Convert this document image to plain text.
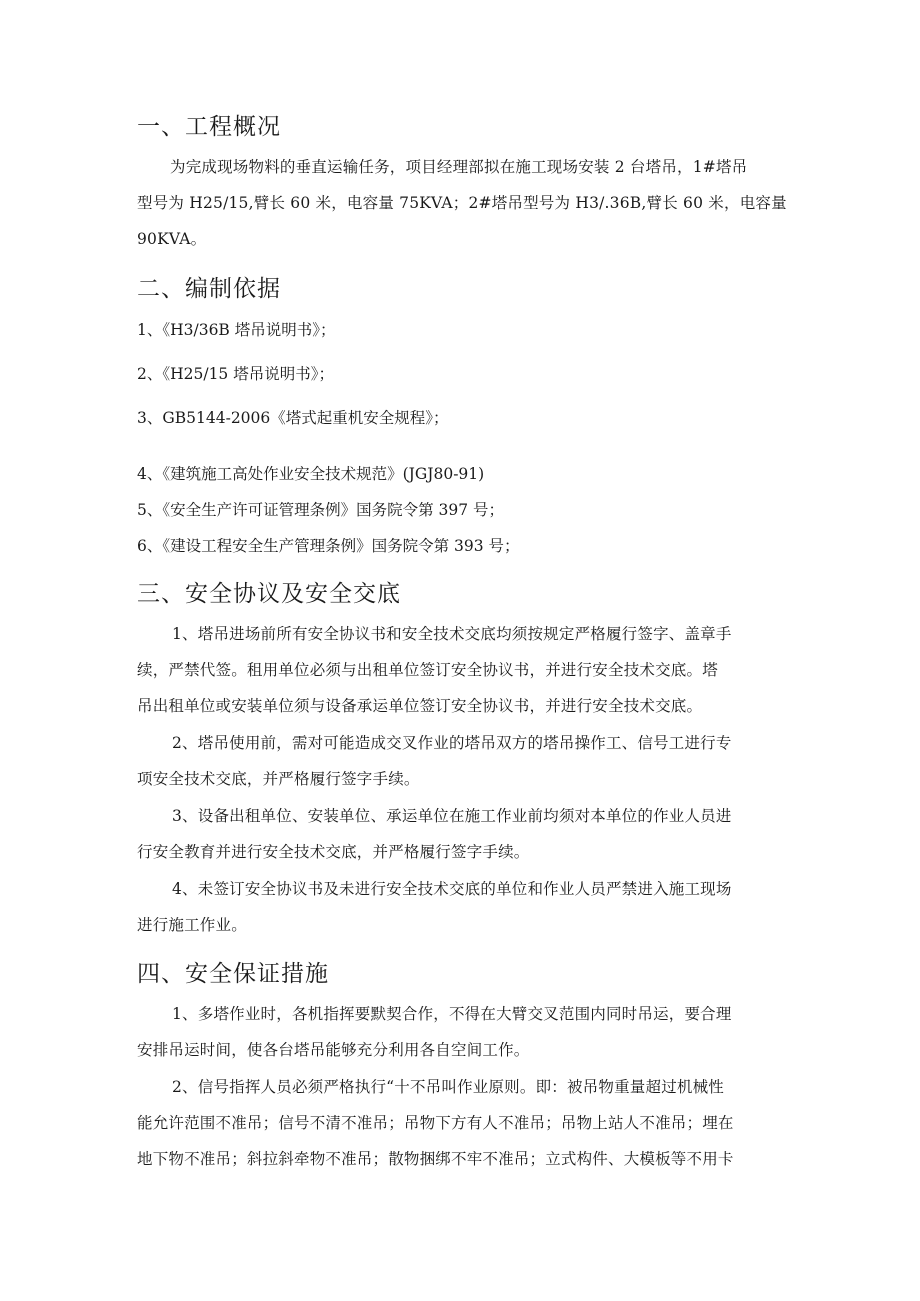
一、工程概况

为完成现场物料的垂直运输任务，项目经理部拟在施工现场安装 2 台塔吊，1#塔吊

型号为 H25/15,臂长 60 米，电容量 75KVA；2#塔吊型号为 H3/.36B,臂长 60 米，电容量

90KVA。

二、编制依据

1、《H3/36B 塔吊说明书》；

2、《H25/15 塔吊说明书》；

3、GB5144-2006《塔式起重机安全规程》；

4、《建筑施工高处作业安全技术规范》(JGJ80-91)

5、《安全生产许可证管理条例》国务院令第 397 号；

6、《建设工程安全生产管理条例》国务院令第 393 号；

三、安全协议及安全交底

1、塔吊进场前所有安全协议书和安全技术交底均须按规定严格履行签字、盖章手

续，严禁代签。租用单位必须与出租单位签订安全协议书，并进行安全技术交底。塔

吊出租单位或安装单位须与设备承运单位签订安全协议书，并进行安全技术交底。

2、塔吊使用前，需对可能造成交叉作业的塔吊双方的塔吊操作工、信号工进行专

项安全技术交底，并严格履行签字手续。

3、设备出租单位、安装单位、承运单位在施工作业前均须对本单位的作业人员进

行安全教育并进行安全技术交底，并严格履行签字手续。

4、未签订安全协议书及未进行安全技术交底的单位和作业人员严禁进入施工现场

进行施工作业。

四、安全保证措施

1、多塔作业时，各机指挥要默契合作，不得在大臂交叉范围内同时吊运，要合理

安排吊运时间，使各台塔吊能够充分利用各自空间工作。

2、信号指挥人员必须严格执行“十不吊叫作业原则。即：被吊物重量超过机械性

能允许范围不准吊；信号不清不准吊；吊物下方有人不准吊；吊物上站人不准吊；埋在

地下物不准吊；斜拉斜牵物不准吊；散物捆绑不牢不准吊；立式构件、大模板等不用卡
